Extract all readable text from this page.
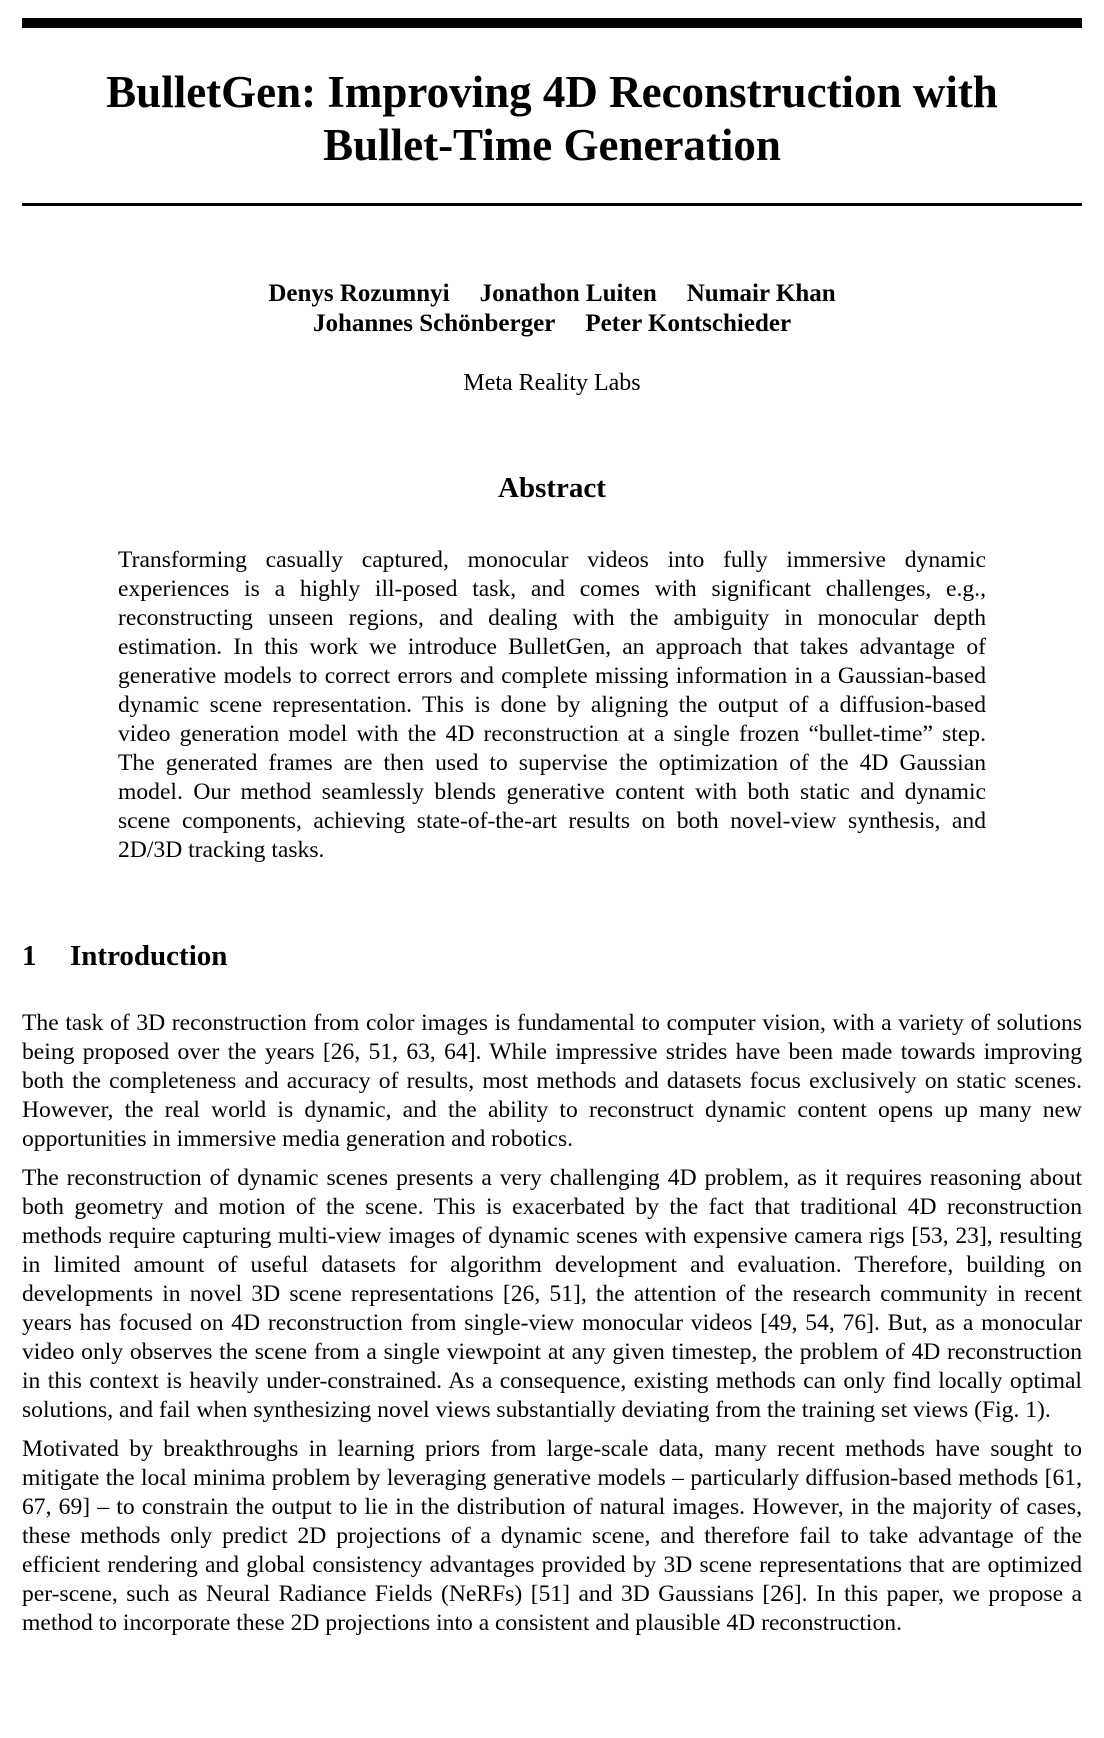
BulletGen: Improving 4D Reconstruction with
Bullet-Time Generation
Denys Rozumnyi Jonathon Luiten Numair Khan
Johannes Schönberger Peter Kontschieder
Meta Reality Labs
Abstract

Transforming casually captured, monocular videos into fully immersive dynamic experiences is a highly ill-posed task, and comes with significant challenges, e.g., reconstructing unseen regions, and dealing with the ambiguity in monocular depth estimation. In this work we introduce BulletGen, an approach that takes advantage of generative models to correct errors and complete missing information in a Gaussian-based dynamic scene representation. This is done by aligning the output of a diffusion-based video generation model with the 4D reconstruction at a single frozen “bullet-time” step. The generated frames are then used to supervise the optimization of the 4D Gaussian model. Our method seamlessly blends generative content with both static and dynamic scene components, achieving state-of-the-art results on both novel-view synthesis, and 2D/3D tracking tasks.

1 Introduction

The task of 3D reconstruction from color images is fundamental to computer vision, with a variety of solutions being proposed over the years [26, 51, 63, 64]. While impressive strides have been made towards improving both the completeness and accuracy of results, most methods and datasets focus exclusively on static scenes. However, the real world is dynamic, and the ability to reconstruct dynamic content opens up many new opportunities in immersive media generation and robotics.

The reconstruction of dynamic scenes presents a very challenging 4D problem, as it requires reasoning about both geometry and motion of the scene. This is exacerbated by the fact that traditional 4D reconstruction methods require capturing multi-view images of dynamic scenes with expensive camera rigs [53, 23], resulting in limited amount of useful datasets for algorithm development and evaluation. Therefore, building on developments in novel 3D scene representations [26, 51], the attention of the research community in recent years has focused on 4D reconstruction from single-view monocular videos [49, 54, 76]. But, as a monocular video only observes the scene from a single viewpoint at any given timestep, the problem of 4D reconstruction in this context is heavily under-constrained. As a consequence, existing methods can only find locally optimal solutions, and fail when synthesizing novel views substantially deviating from the training set views (Fig. 1).

Motivated by breakthroughs in learning priors from large-scale data, many recent methods have sought to mitigate the local minima problem by leveraging generative models – particularly diffusion-based methods [61, 67, 69] – to constrain the output to lie in the distribution of natural images. However, in the majority of cases, these methods only predict 2D projections of a dynamic scene, and therefore fail to take advantage of the efficient rendering and global consistency advantages provided by 3D scene representations that are optimized per-scene, such as Neural Radiance Fields (NeRFs) [51] and 3D Gaussians [26]. In this paper, we propose a method to incorporate these 2D projections into a consistent and plausible 4D reconstruction.
